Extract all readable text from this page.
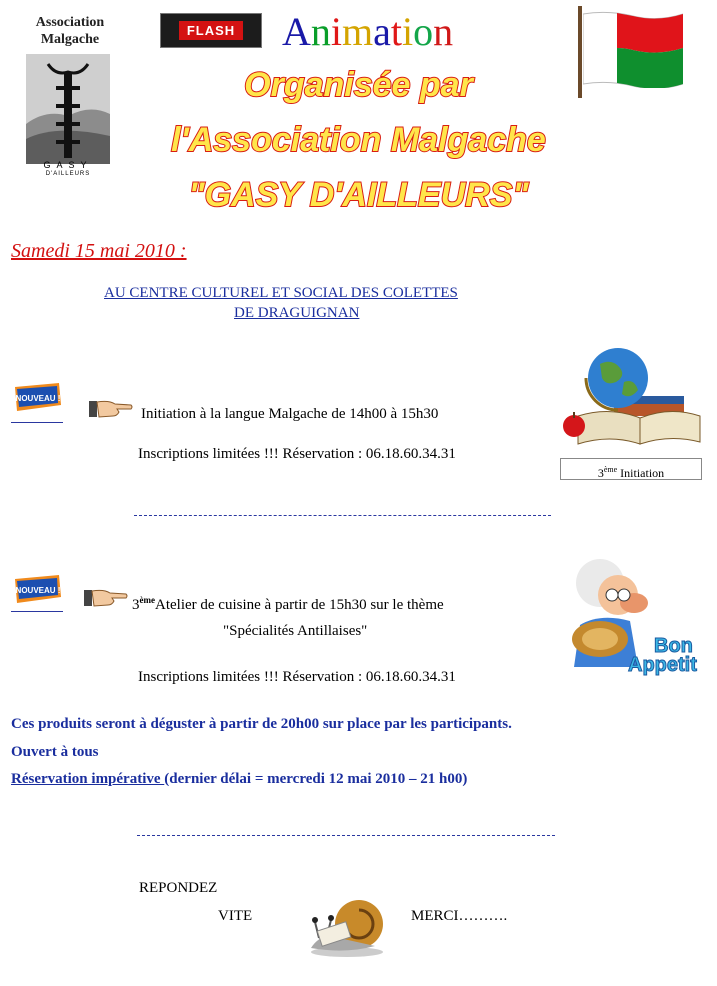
Association
Malgache
GASY
D'AILLEURS
FLASH Animation
Organisée par
l'Association Malgache
"GASY D'AILLEURS"
Samedi 15 mai 2010 :
AU CENTRE CULTUREL ET SOCIAL DES COLETTES
DE DRAGUIGNAN
NOUVEAU !
Initiation à la langue Malgache de 14h00 à 15h30
Inscriptions limitées !!! Réservation : 06.18.60.34.31
3ème Initiation
NOUVEAU !
3èmeAtelier de cuisine à partir de 15h30 sur le thème
"Spécialités Antillaises"
Inscriptions limitées !!! Réservation : 06.18.60.34.31
Bon
Appetit
Ces produits seront à déguster à partir de 20h00 sur place par les participants.
Ouvert à tous
Réservation impérative (dernier délai = mercredi 12 mai 2010 – 21 h00)
REPONDEZ
VITE	MERCI……….
